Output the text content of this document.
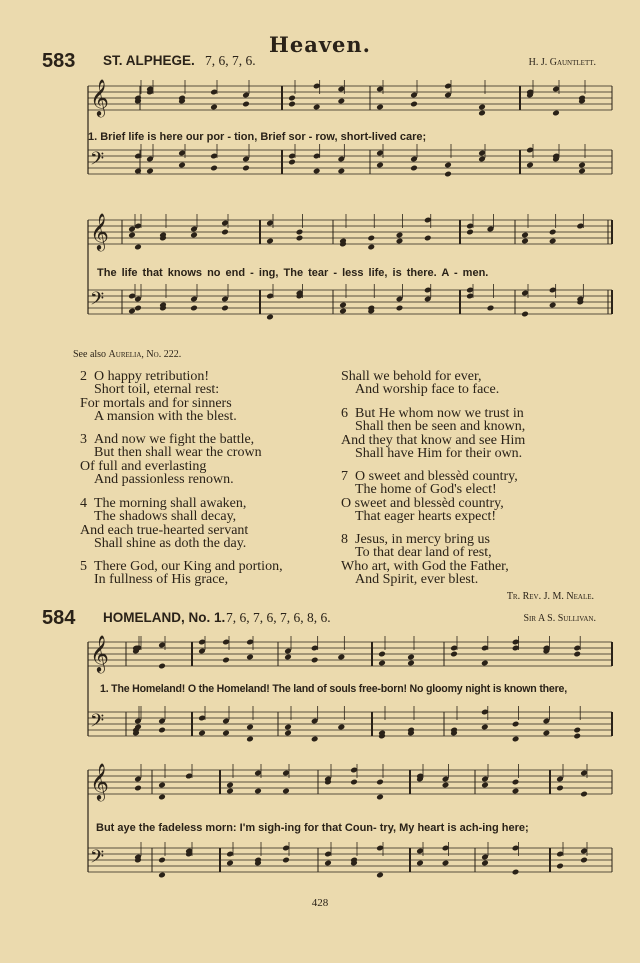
𝄞
𝄢
𝄞
𝄢
𝄞
𝄢
𝄞
𝄢
Heaven.
583 ST. ALPHEGE. 7, 6, 7, 6.	H. J. Gauntlett.
1. Brief life is here our por - tion, Brief sor - row, short-lived care;
The life that knows no end - ing, The tear - less life, is there. A - men.
See also Aurelia, No. 222.
2 O happy retribution!
Short toil, eternal rest:
For mortals and for sinners
A mansion with the blest.
3 And now we fight the battle,
But then shall wear the crown
Of full and everlasting
And passionless renown.
4 The morning shall awaken,
The shadows shall decay,
And each true-hearted servant
Shall shine as doth the day.
5 There God, our King and portion,
In fullness of His grace,
Shall we behold for ever,
And worship face to face.
6 But He whom now we trust in
Shall then be seen and known,
And they that know and see Him
Shall have Him for their own.
7 O sweet and blessèd country,
The home of God's elect!
O sweet and blessèd country,
That eager hearts expect!
8 Jesus, in mercy bring us
To that dear land of rest,
Who art, with God the Father,
And Spirit, ever blest.
Tr. Rev. J. M. Neale.
584 HOMELAND, No. 1. 7, 6, 7, 6, 7, 6, 8, 6.	Sir A S. Sullivan.
1. The Homeland! O the Homeland! The land of souls free-born! No gloomy night is known there,
But aye the fadeless morn: I'm sigh-ing for that Coun- try, My heart is ach-ing here;
428
